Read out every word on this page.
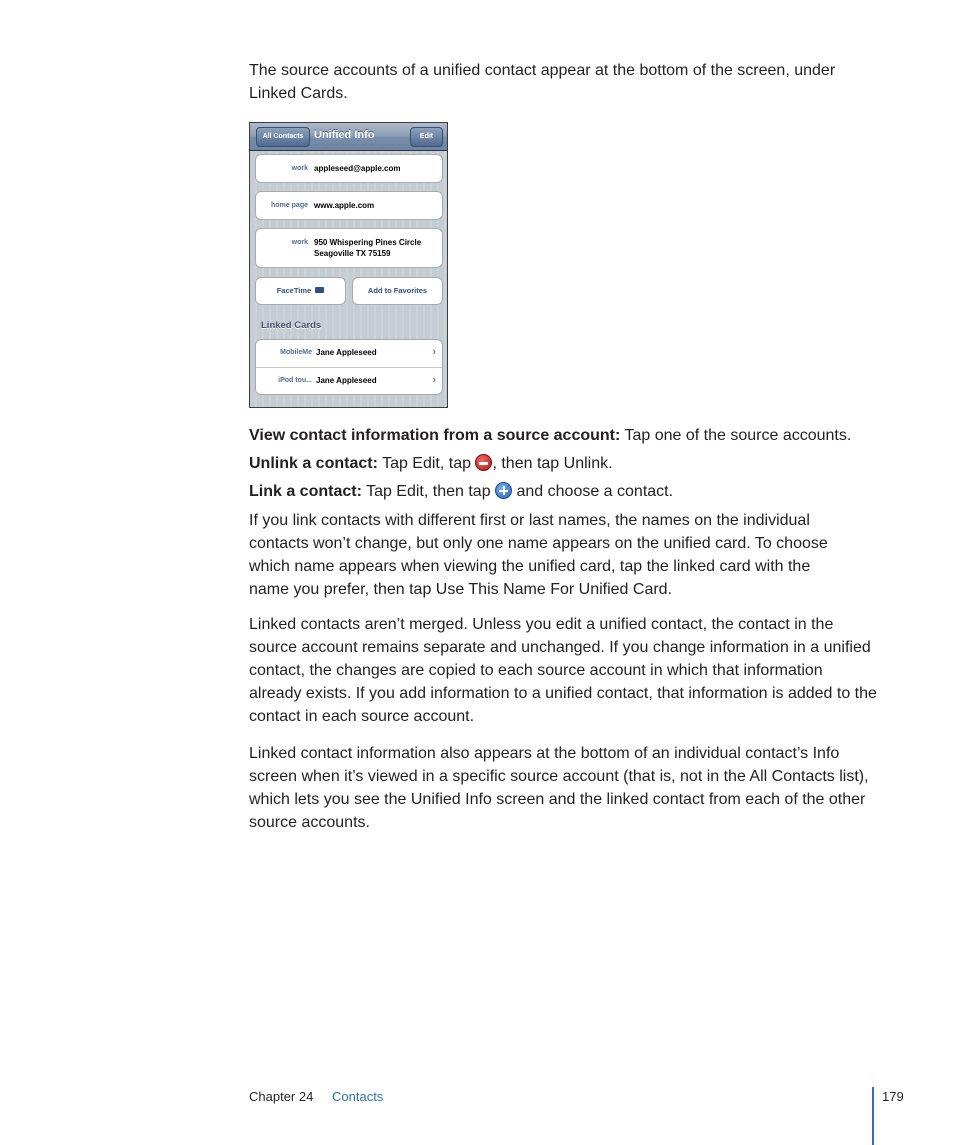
The source accounts of a unified contact appear at the bottom of the screen, under Linked Cards.

All Contacts Unified Info	Edit
work appleseed@apple.com
home page www.apple.com
work 950 Whispering Pines Circle
Seagoville TX 75159
FaceTime	Add to Favorites
Linked Cards
MobileMe Jane Appleseed	›
iPod tou... Jane Appleseed	›

View contact information from a source account: Tap one of the source accounts.

Unlink a contact: Tap Edit, tap , then tap Unlink.

Link a contact: Tap Edit, then tap and choose a contact.

If you link contacts with different first or last names, the names on the individual contacts won’t change, but only one name appears on the unified card. To choose which name appears when viewing the unified card, tap the linked card with the name you prefer, then tap Use This Name For Unified Card.

Linked contacts aren’t merged. Unless you edit a unified contact, the contact in the source account remains separate and unchanged. If you change information in a unified contact, the changes are copied to each source account in which that information already exists. If you add information to a unified contact, that information is added to the contact in each source account.

Linked contact information also appears at the bottom of an individual contact’s Info screen when it’s viewed in a specific source account (that is, not in the All Contacts list), which lets you see the Unified Info screen and the linked contact from each of the other source accounts.

Chapter 24 Contacts	179
